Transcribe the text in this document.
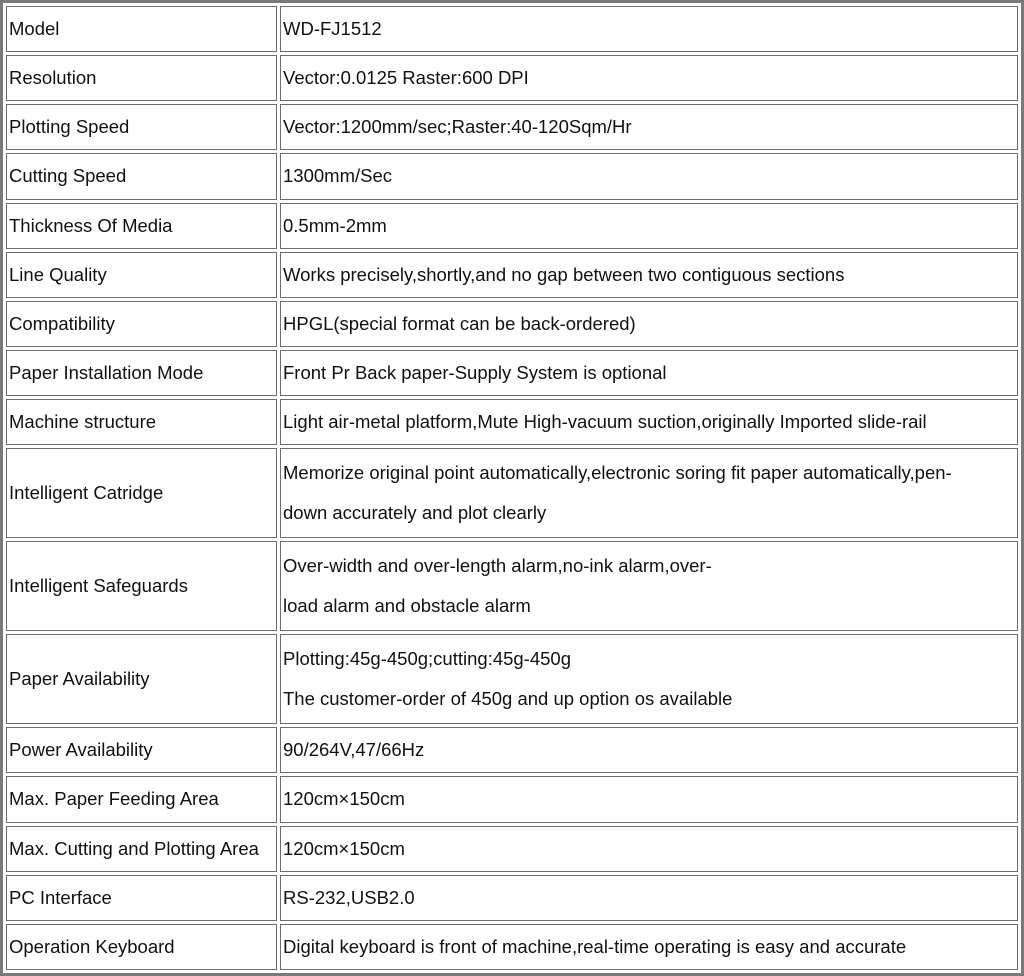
Model	WD-FJ1512

Resolution	Vector:0.0125 Raster:600 DPI

Plotting Speed	Vector:1200mm/sec;Raster:40-120Sqm/Hr

Cutting Speed	1300mm/Sec

Thickness Of Media	0.5mm-2mm

Line Quality	Works precisely,shortly,and no gap between two contiguous sections

Compatibility	HPGL(special format can be back-ordered)

Paper Installation Mode	Front Pr Back paper-Supply System is optional

Machine structure	Light air-metal platform,Mute High-vacuum suction,originally Imported slide-rail

Intelligent Catridge	Memorize original point automatically,electronic soring fit paper automatically,pen-
down accurately and plot clearly

Intelligent Safeguards	Over-width and over-length alarm,no-ink alarm,over-
load alarm and obstacle alarm

Paper Availability	Plotting:45g-450g;cutting:45g-450g
The customer-order of 450g and up option os available

Power Availability	90/264V,47/66Hz

Max. Paper Feeding Area	120cm×150cm

Max. Cutting and Plotting Area	120cm×150cm

PC Interface	RS-232,USB2.0

Operation Keyboard	Digital keyboard is front of machine,real-time operating is easy and accurate
